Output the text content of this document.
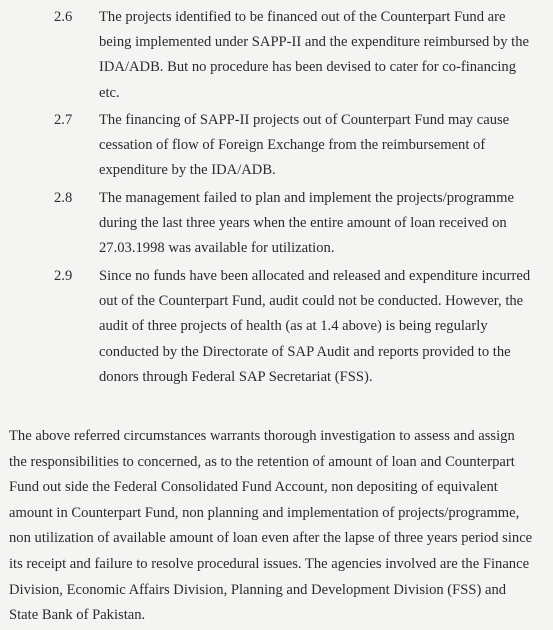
2.6	The projects identified to be financed out of the Counterpart Fund are
being implemented under SAPP-II and the expenditure reimbursed by the
IDA/ADB. But no procedure has been devised to cater for co-financing
etc.
2.7	The financing of SAPP-II projects out of Counterpart Fund may cause
cessation of flow of Foreign Exchange from the reimbursement of
expenditure by the IDA/ADB.
2.8	The management failed to plan and implement the projects/programme
during the last three years when the entire amount of loan received on
27.03.1998 was available for utilization.
2.9	Since no funds have been allocated and released and expenditure incurred
out of the Counterpart Fund, audit could not be conducted. However, the
audit of three projects of health (as at 1.4 above) is being regularly
conducted by the Directorate of SAP Audit and reports provided to the
donors through Federal SAP Secretariat (FSS).
The above referred circumstances warrants thorough investigation to assess and assign
the responsibilities to concerned, as to the retention of amount of loan and Counterpart
Fund out side the Federal Consolidated Fund Account, non depositing of equivalent
amount in Counterpart Fund, non planning and implementation of projects/programme,
non utilization of available amount of loan even after the lapse of three years period since
its receipt and failure to resolve procedural issues. The agencies involved are the Finance
Division, Economic Affairs Division, Planning and Development Division (FSS) and
State Bank of Pakistan.
